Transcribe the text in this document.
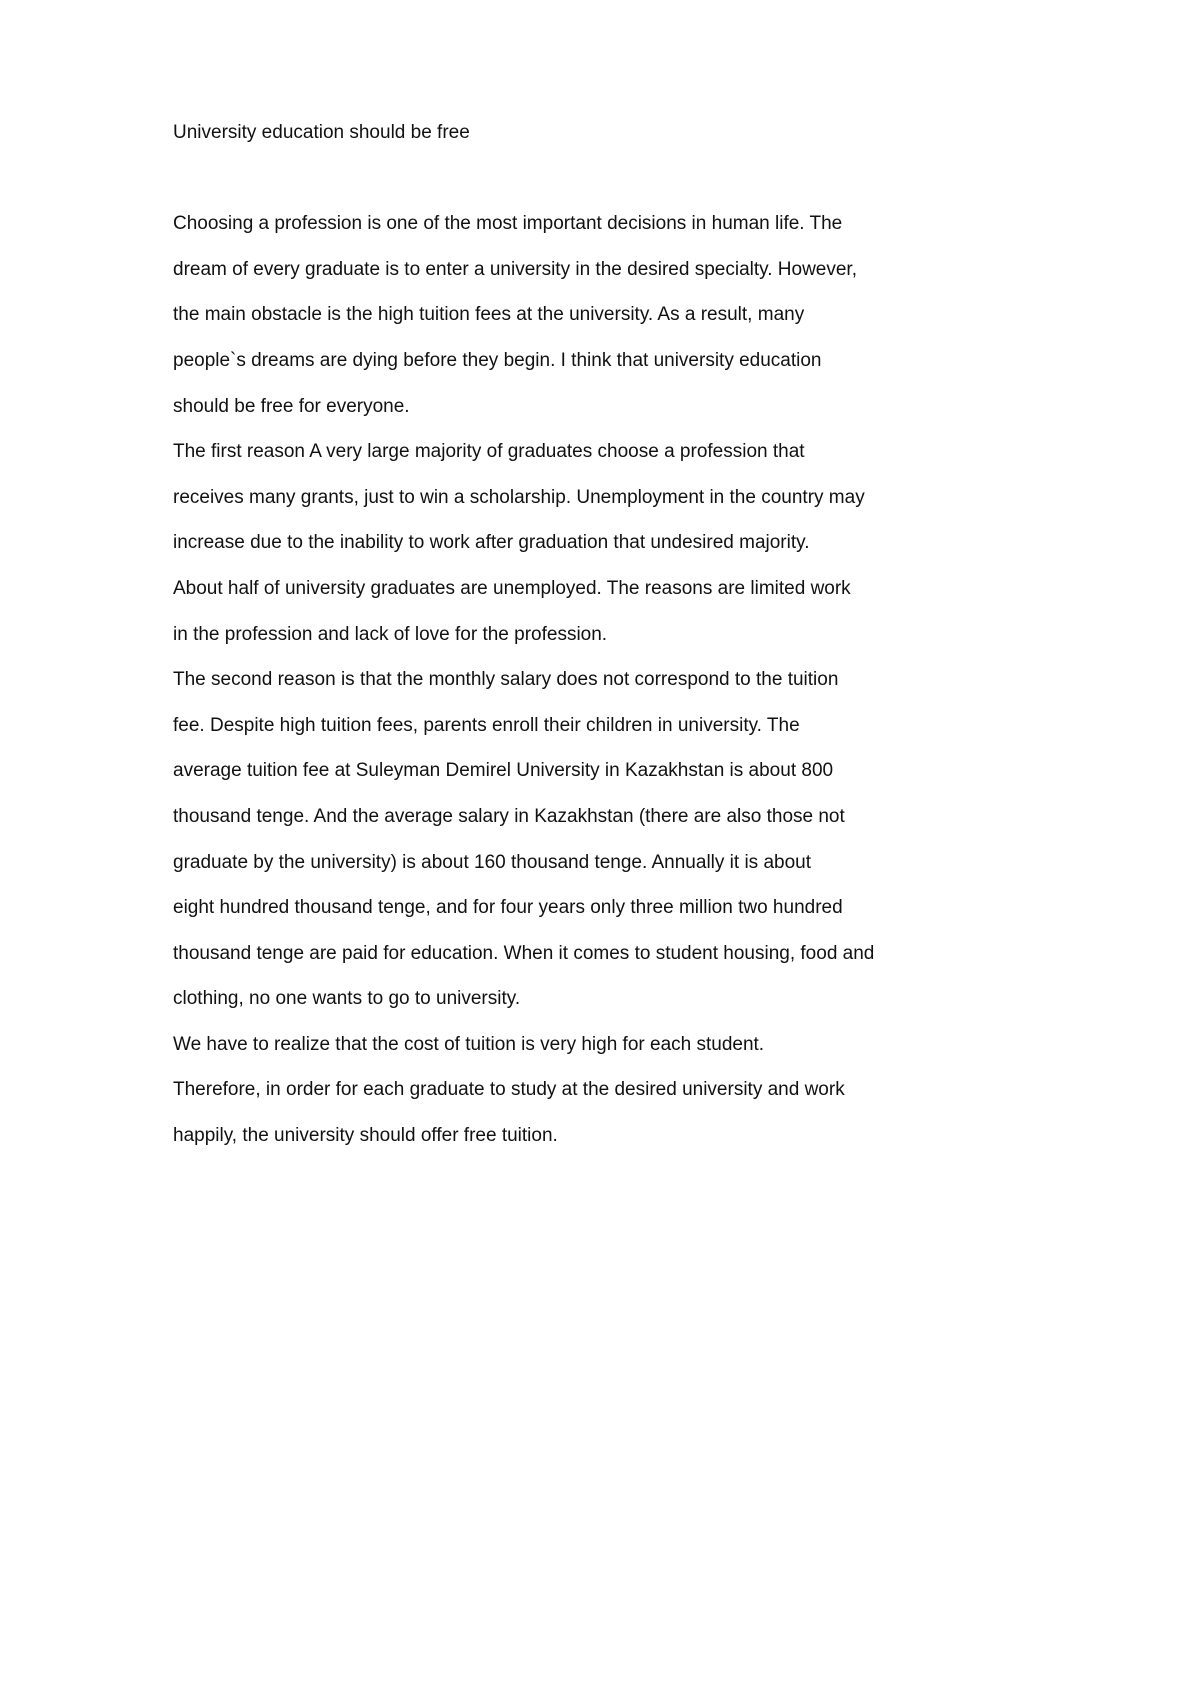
University education should be free
Choosing a profession is one of the most important decisions in human life. The
dream of every graduate is to enter a university in the desired specialty. However,
the main obstacle is the high tuition fees at the university. As a result, many
people`s dreams are dying before they begin. I think that university education
should be free for everyone.
The first reason A very large majority of graduates choose a profession that
receives many grants, just to win a scholarship. Unemployment in the country may
increase due to the inability to work after graduation that undesired majority.
About half of university graduates are unemployed. The reasons are limited work
in the profession and lack of love for the profession.
The second reason is that the monthly salary does not correspond to the tuition
fee. Despite high tuition fees, parents enroll their children in university. The
average tuition fee at Suleyman Demirel University in Kazakhstan is about 800
thousand tenge. And the average salary in Kazakhstan (there are also those not
graduate by the university) is about 160 thousand tenge. Annually it is about
eight hundred thousand tenge, and for four years only three million two hundred
thousand tenge are paid for education. When it comes to student housing, food and
clothing, no one wants to go to university.
We have to realize that the cost of tuition is very high for each student.
Therefore, in order for each graduate to study at the desired university and work
happily, the university should offer free tuition.
